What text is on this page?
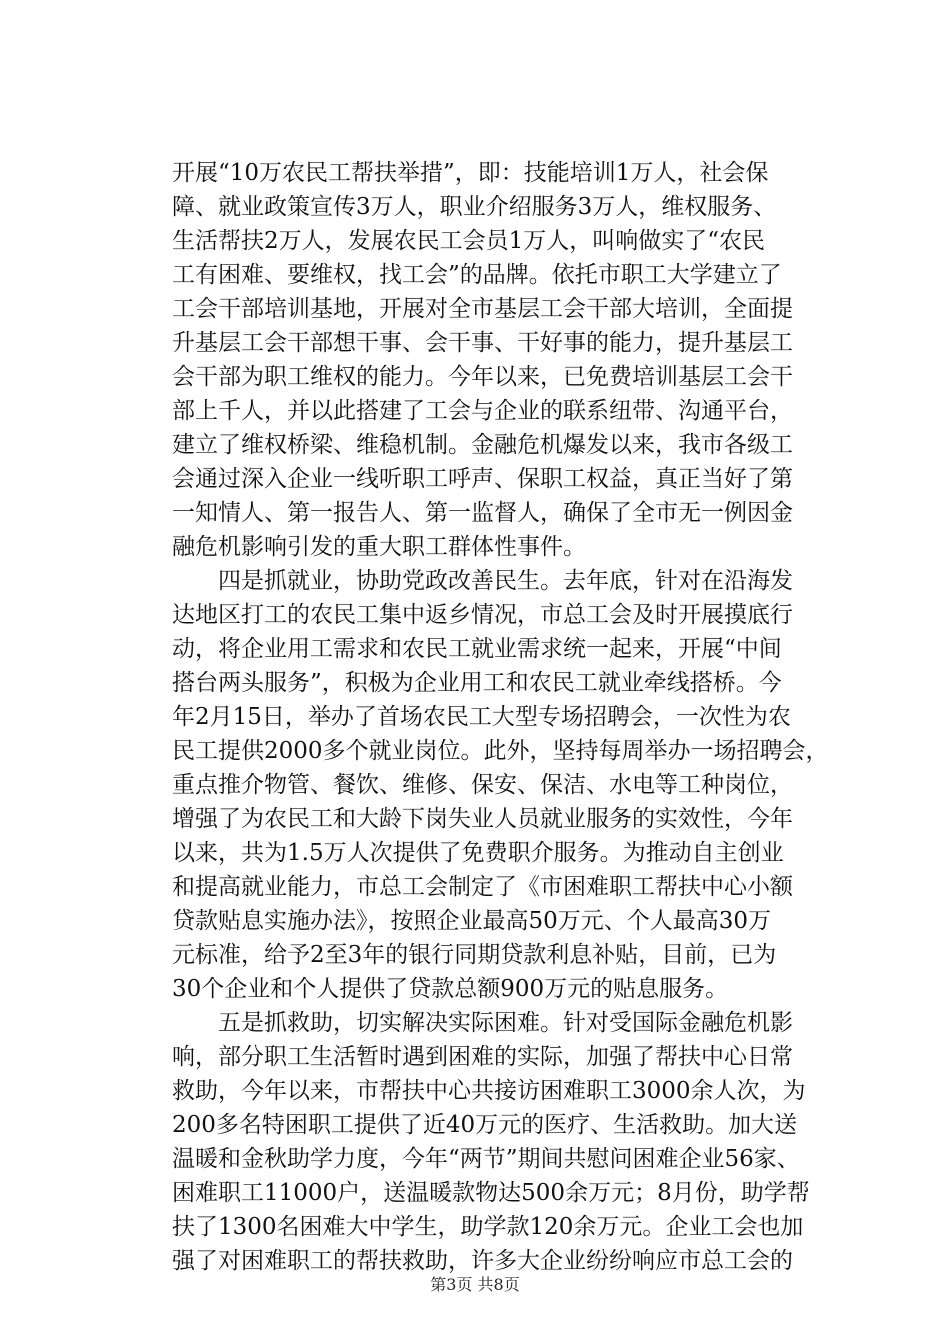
开展“10万农民工帮扶举措”，即：技能培训1万人，社会保
障、就业政策宣传3万人，职业介绍服务3万人，维权服务、
生活帮扶2万人，发展农民工会员1万人，叫响做实了“农民
工有困难、要维权，找工会”的品牌。依托市职工大学建立了
工会干部培训基地，开展对全市基层工会干部大培训，全面提
升基层工会干部想干事、会干事、干好事的能力，提升基层工
会干部为职工维权的能力。今年以来，已免费培训基层工会干
部上千人，并以此搭建了工会与企业的联系纽带、沟通平台，
建立了维权桥梁、维稳机制。金融危机爆发以来，我市各级工
会通过深入企业一线听职工呼声、保职工权益，真正当好了第
一知情人、第一报告人、第一监督人，确保了全市无一例因金
融危机影响引发的重大职工群体性事件。
四是抓就业，协助党政改善民生。去年底，针对在沿海发
达地区打工的农民工集中返乡情况，市总工会及时开展摸底行
动，将企业用工需求和农民工就业需求统一起来，开展“中间
搭台两头服务”，积极为企业用工和农民工就业牵线搭桥。今
年2月15日，举办了首场农民工大型专场招聘会，一次性为农
民工提供2000多个就业岗位。此外，坚持每周举办一场招聘会，
重点推介物管、餐饮、维修、保安、保洁、水电等工种岗位，
增强了为农民工和大龄下岗失业人员就业服务的实效性，今年
以来，共为1.5万人次提供了免费职介服务。为推动自主创业
和提高就业能力，市总工会制定了《市困难职工帮扶中心小额
贷款贴息实施办法》，按照企业最高50万元、个人最高30万
元标准，给予2至3年的银行同期贷款利息补贴，目前，已为
30个企业和个人提供了贷款总额900万元的贴息服务。
五是抓救助，切实解决实际困难。针对受国际金融危机影
响，部分职工生活暂时遇到困难的实际，加强了帮扶中心日常
救助，今年以来，市帮扶中心共接访困难职工3000余人次，为
200多名特困职工提供了近40万元的医疗、生活救助。加大送
温暖和金秋助学力度，今年“两节”期间共慰问困难企业56家、
困难职工11000户，送温暖款物达500余万元；8月份，助学帮
扶了1300名困难大中学生，助学款120余万元。企业工会也加
强了对困难职工的帮扶救助，许多大企业纷纷响应市总工会的
第3页 共8页
